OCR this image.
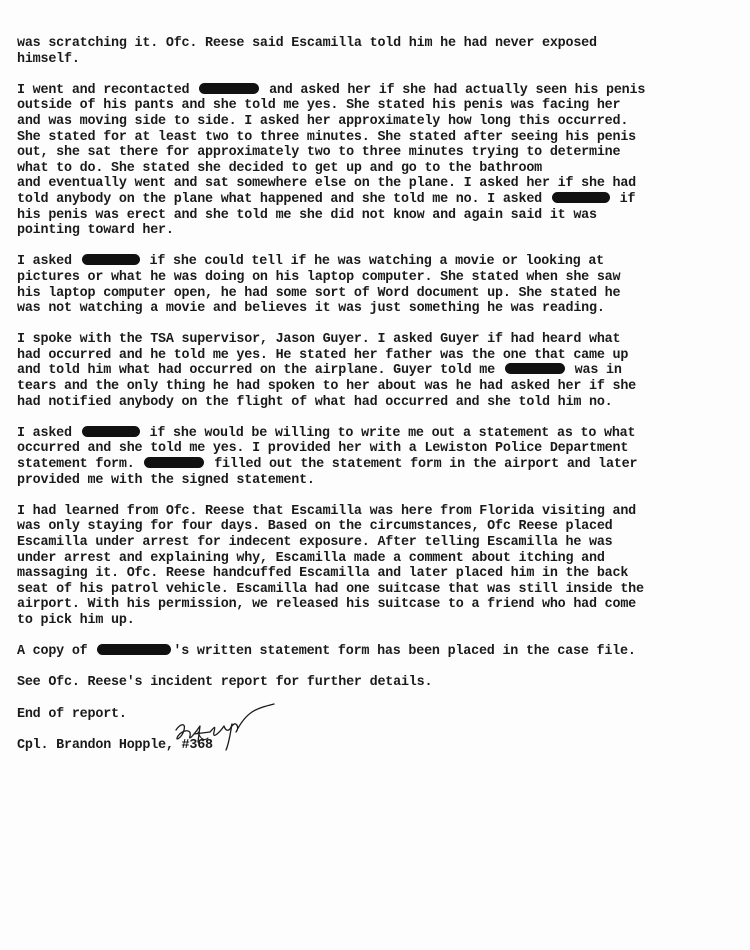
was scratching it. Ofc. Reese said Escamilla told him he had never exposed
himself.
I went and recontacted	and asked her if she had actually seen his penis
outside of his pants and she told me yes. She stated his penis was facing her
and was moving side to side. I asked her approximately how long this occurred.
She stated for at least two to three minutes. She stated after seeing his penis
out, she sat there for approximately two to three minutes trying to determine
what to do. She stated she decided to get up and go to the bathroom
and eventually went and sat somewhere else on the plane. I asked her if she had
told anybody on the plane what happened and she told me no. I asked	if
his penis was erect and she told me she did not know and again said it was
pointing toward her.
I asked	if she could tell if he was watching a movie or looking at
pictures or what he was doing on his laptop computer. She stated when she saw
his laptop computer open, he had some sort of Word document up. She stated he
was not watching a movie and believes it was just something he was reading.
I spoke with the TSA supervisor, Jason Guyer. I asked Guyer if had heard what
had occurred and he told me yes. He stated her father was the one that came up
and told him what had occurred on the airplane. Guyer told me	was in
tears and the only thing he had spoken to her about was he had asked her if she
had notified anybody on the flight of what had occurred and she told him no.
I asked	if she would be willing to write me out a statement as to what
occurred and she told me yes. I provided her with a Lewiston Police Department
statement form.	filled out the statement form in the airport and later
provided me with the signed statement.
I had learned from Ofc. Reese that Escamilla was here from Florida visiting and
was only staying for four days. Based on the circumstances, Ofc Reese placed
Escamilla under arrest for indecent exposure. After telling Escamilla he was
under arrest and explaining why, Escamilla made a comment about itching and
massaging it. Ofc. Reese handcuffed Escamilla and later placed him in the back
seat of his patrol vehicle. Escamilla had one suitcase that was still inside the
airport. With his permission, we released his suitcase to a friend who had come
to pick him up.
A copy of	's written statement form has been placed in the case file.
See Ofc. Reese's incident report for further details.
End of report.
Cpl. Brandon Hopple, #368
